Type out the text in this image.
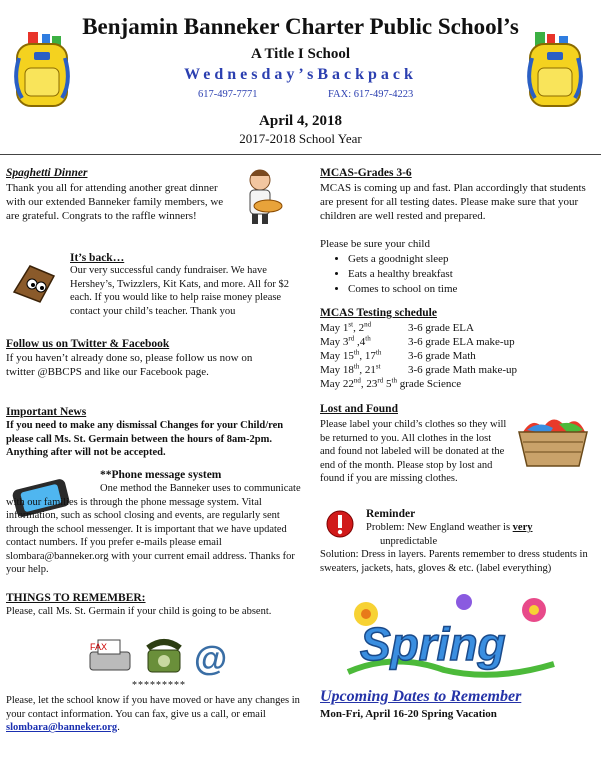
Benjamin Banneker Charter Public School’s
A Title I School
Wednesday’sBackpack
617-497-7771	FAX: 617-497-4223
April 4, 2018
2017-2018 School Year
Spaghetti Dinner
Thank you all for attending another great dinner with our extended Banneker family members, we are grateful. Congrats to the raffle winners!
It’s back…
Our very successful candy fundraiser. We have Hershey’s, Twizzlers, Kit Kats, and more. All for $2 each. If you would like to help raise money please contact your child’s teacher. Thank you
Follow us on Twitter & Facebook
If you haven’t already done so, please follow us now on twitter @BBCPS and like our Facebook page.
Important News
If you need to make any dismissal Changes for your Child/ren please call Ms. St. Germain between the hours of 8am-2pm. Anything after will not be accepted.
**Phone message system
One method the Banneker uses to communicate with our families is through the phone message system. Vital information, such as school closing and events, are regularly sent through the school messenger. It is important that we have updated contact numbers. If you prefer e-mails please email slombara@banneker.org with your current email address. Thanks for your help.
THINGS TO REMEMBER:
Please, call Ms. St. Germain if your child is going to be absent.
FAX	@
*********
Please, let the school know if you have moved or have any changes in your contact information. You can fax, give us a call, or email
slombara@banneker.org.
MCAS-Grades 3-6
MCAS is coming up and fast. Plan accordingly that students are present for all testing dates. Please make sure that your children are well rested and prepared.
Please be sure your child
• Gets a goodnight sleep
• Eats a healthy breakfast
• Comes to school on time
MCAS Testing schedule
May 1st, 2nd	3-6 grade ELA
May 3rd ,4th	3-6 grade ELA make-up
May 15th, 17th	3-6 grade Math
May 18th, 21st	3-6 grade Math make-up
May 22nd, 23rd 5th grade Science	
Lost and Found
Please label your child’s clothes so they will be returned to you. All clothes in the lost and found not labeled will be donated at the end of the month. Please stop by lost and found if you are missing clothes.
Reminder
Problem: New England weather is very
unpredictable
Solution: Dress in layers. Parents remember to dress students in sweaters, jackets, hats, gloves & etc. (label everything)
Spring
Upcoming Dates to Remember
Mon-Fri, April 16-20 Spring Vacation
